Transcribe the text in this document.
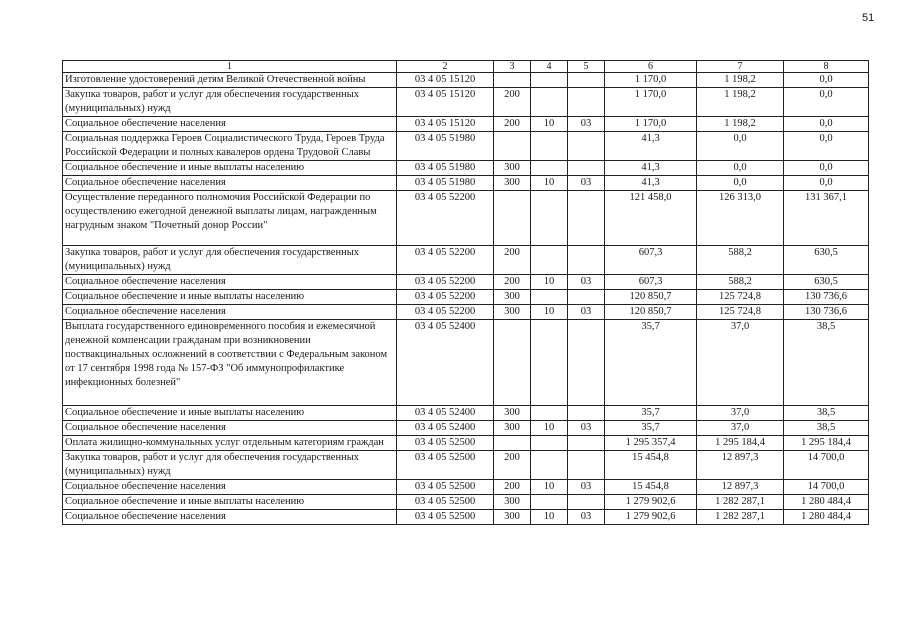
51
1	2	3	4	5	6	7	8
Изготовление удостоверений детям Великой Отечественной войны	03 4 05 15120				1 170,0	1 198,2	0,0
Закупка товаров, работ и услуг для обеспечения государственных (муниципальных) нужд	03 4 05 15120	200			1 170,0	1 198,2	0,0
Социальное обеспечение населения	03 4 05 15120	200	10	03	1 170,0	1 198,2	0,0
Социальная поддержка Героев Социалистического Труда, Героев Труда Российской Федерации и полных кавалеров ордена Трудовой Славы	03 4 05 51980				41,3	0,0	0,0
Социальное обеспечение и иные выплаты населению	03 4 05 51980	300			41,3	0,0	0,0
Социальное обеспечение населения	03 4 05 51980	300	10	03	41,3	0,0	0,0
Осуществление переданного полномочия Российской Федерации по осуществлению ежегодной денежной выплаты лицам, награжденным нагрудным знаком "Почетный донор России"	03 4 05 52200				121 458,0	126 313,0	131 367,1
Закупка товаров, работ и услуг для обеспечения государственных (муниципальных) нужд	03 4 05 52200	200			607,3	588,2	630,5
Социальное обеспечение населения	03 4 05 52200	200	10	03	607,3	588,2	630,5
Социальное обеспечение и иные выплаты населению	03 4 05 52200	300			120 850,7	125 724,8	130 736,6
Социальное обеспечение населения	03 4 05 52200	300	10	03	120 850,7	125 724,8	130 736,6
Выплата государственного единовременного пособия и ежемесячной денежной компенсации гражданам при возникновении поствакцинальных осложнений в соответствии с Федеральным законом от 17 сентября 1998 года № 157-ФЗ "Об иммунопрофилактике инфекционных болезней"	03 4 05 52400				35,7	37,0	38,5
Социальное обеспечение и иные выплаты населению	03 4 05 52400	300			35,7	37,0	38,5
Социальное обеспечение населения	03 4 05 52400	300	10	03	35,7	37,0	38,5
Оплата жилищно-коммунальных услуг отдельным категориям граждан	03 4 05 52500				1 295 357,4	1 295 184,4	1 295 184,4
Закупка товаров, работ и услуг для обеспечения государственных (муниципальных) нужд	03 4 05 52500	200			15 454,8	12 897,3	14 700,0
Социальное обеспечение населения	03 4 05 52500	200	10	03	15 454,8	12 897,3	14 700,0
Социальное обеспечение и иные выплаты населению	03 4 05 52500	300			1 279 902,6	1 282 287,1	1 280 484,4
Социальное обеспечение населения	03 4 05 52500	300	10	03	1 279 902,6	1 282 287,1	1 280 484,4
